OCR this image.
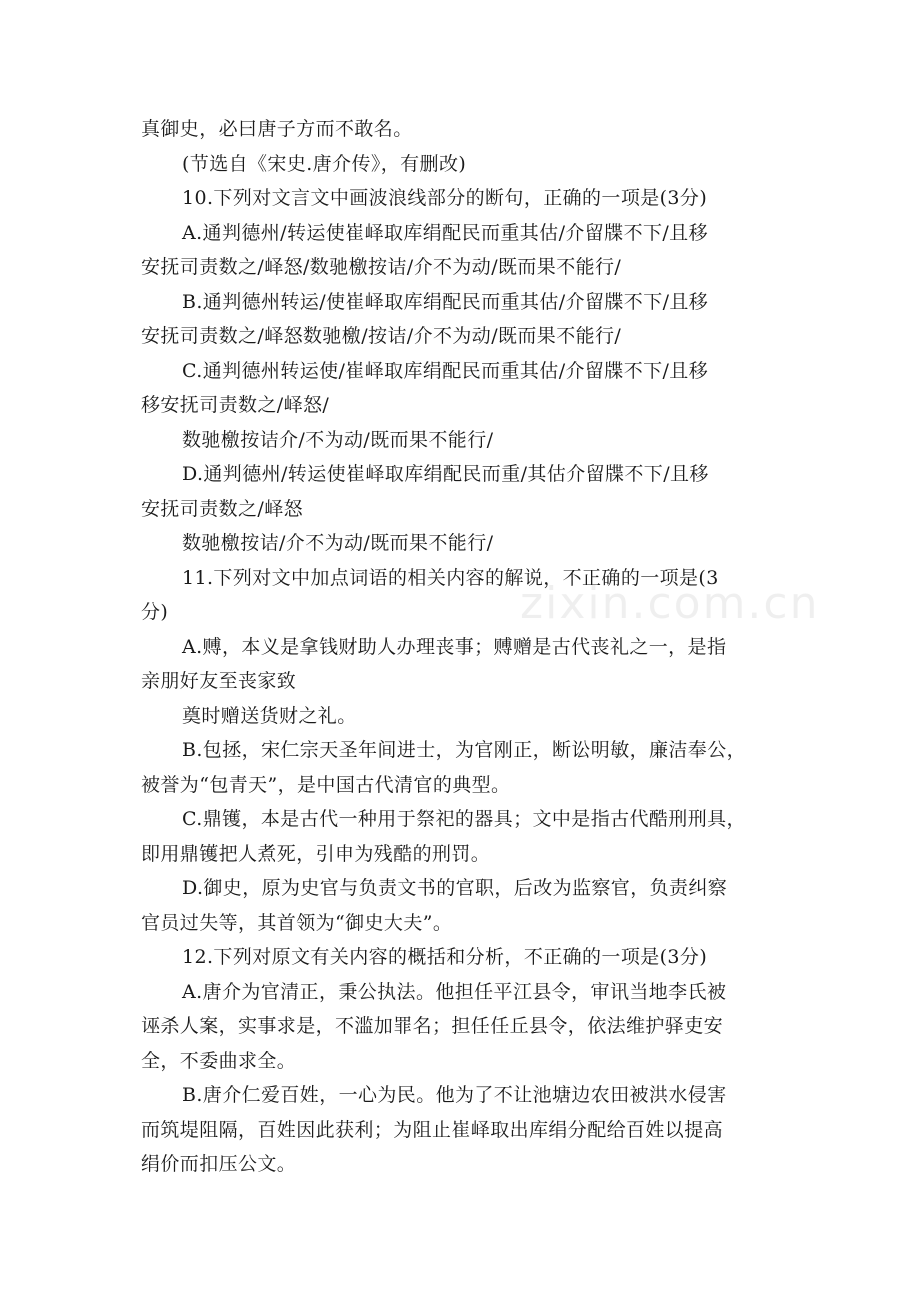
zixin.com.cn
真御史，必曰唐子方而不敢名。
(节选自《宋史.唐介传》，有删改)
10.下列对文言文中画波浪线部分的断句，正确的一项是(3分)
A.通判德州/转运使崔峄取库绢配民而重其估/介留牒不下/且移
安抚司责数之/峄怒/数驰檄按诘/介不为动/既而果不能行/
B.通判德州转运/使崔峄取库绢配民而重其估/介留牒不下/且移
安抚司责数之/峄怒数驰檄/按诘/介不为动/既而果不能行/
C.通判德州转运使/崔峄取库绢配民而重其估/介留牒不下/且移
移安抚司责数之/峄怒/
数驰檄按诘介/不为动/既而果不能行/
D.通判德州/转运使崔峄取库绢配民而重/其估介留牒不下/且移
安抚司责数之/峄怒
数驰檄按诘/介不为动/既而果不能行/
11.下列对文中加点词语的相关内容的解说，不正确的一项是(3
分)
A.赙，本义是拿钱财助人办理丧事；赙赠是古代丧礼之一，是指
亲朋好友至丧家致
奠时赠送货财之礼。
B.包拯，宋仁宗天圣年间进士，为官刚正，断讼明敏，廉洁奉公，
被誉为“包青天”，是中国古代清官的典型。
C.鼎镬，本是古代一种用于祭祀的器具；文中是指古代酷刑刑具，
即用鼎镬把人煮死，引申为残酷的刑罚。
D.御史，原为史官与负责文书的官职，后改为监察官，负责纠察
官员过失等，其首领为“御史大夫”。
12.下列对原文有关内容的概括和分析，不正确的一项是(3分)
A.唐介为官清正，秉公执法。他担任平江县令，审讯当地李氏被
诬杀人案，实事求是，不滥加罪名；担任任丘县令，依法维护驿吏安
全，不委曲求全。
B.唐介仁爱百姓，一心为民。他为了不让池塘边农田被洪水侵害
而筑堤阻隔，百姓因此获利；为阻止崔峄取出库绢分配给百姓以提高
绢价而扣压公文。
